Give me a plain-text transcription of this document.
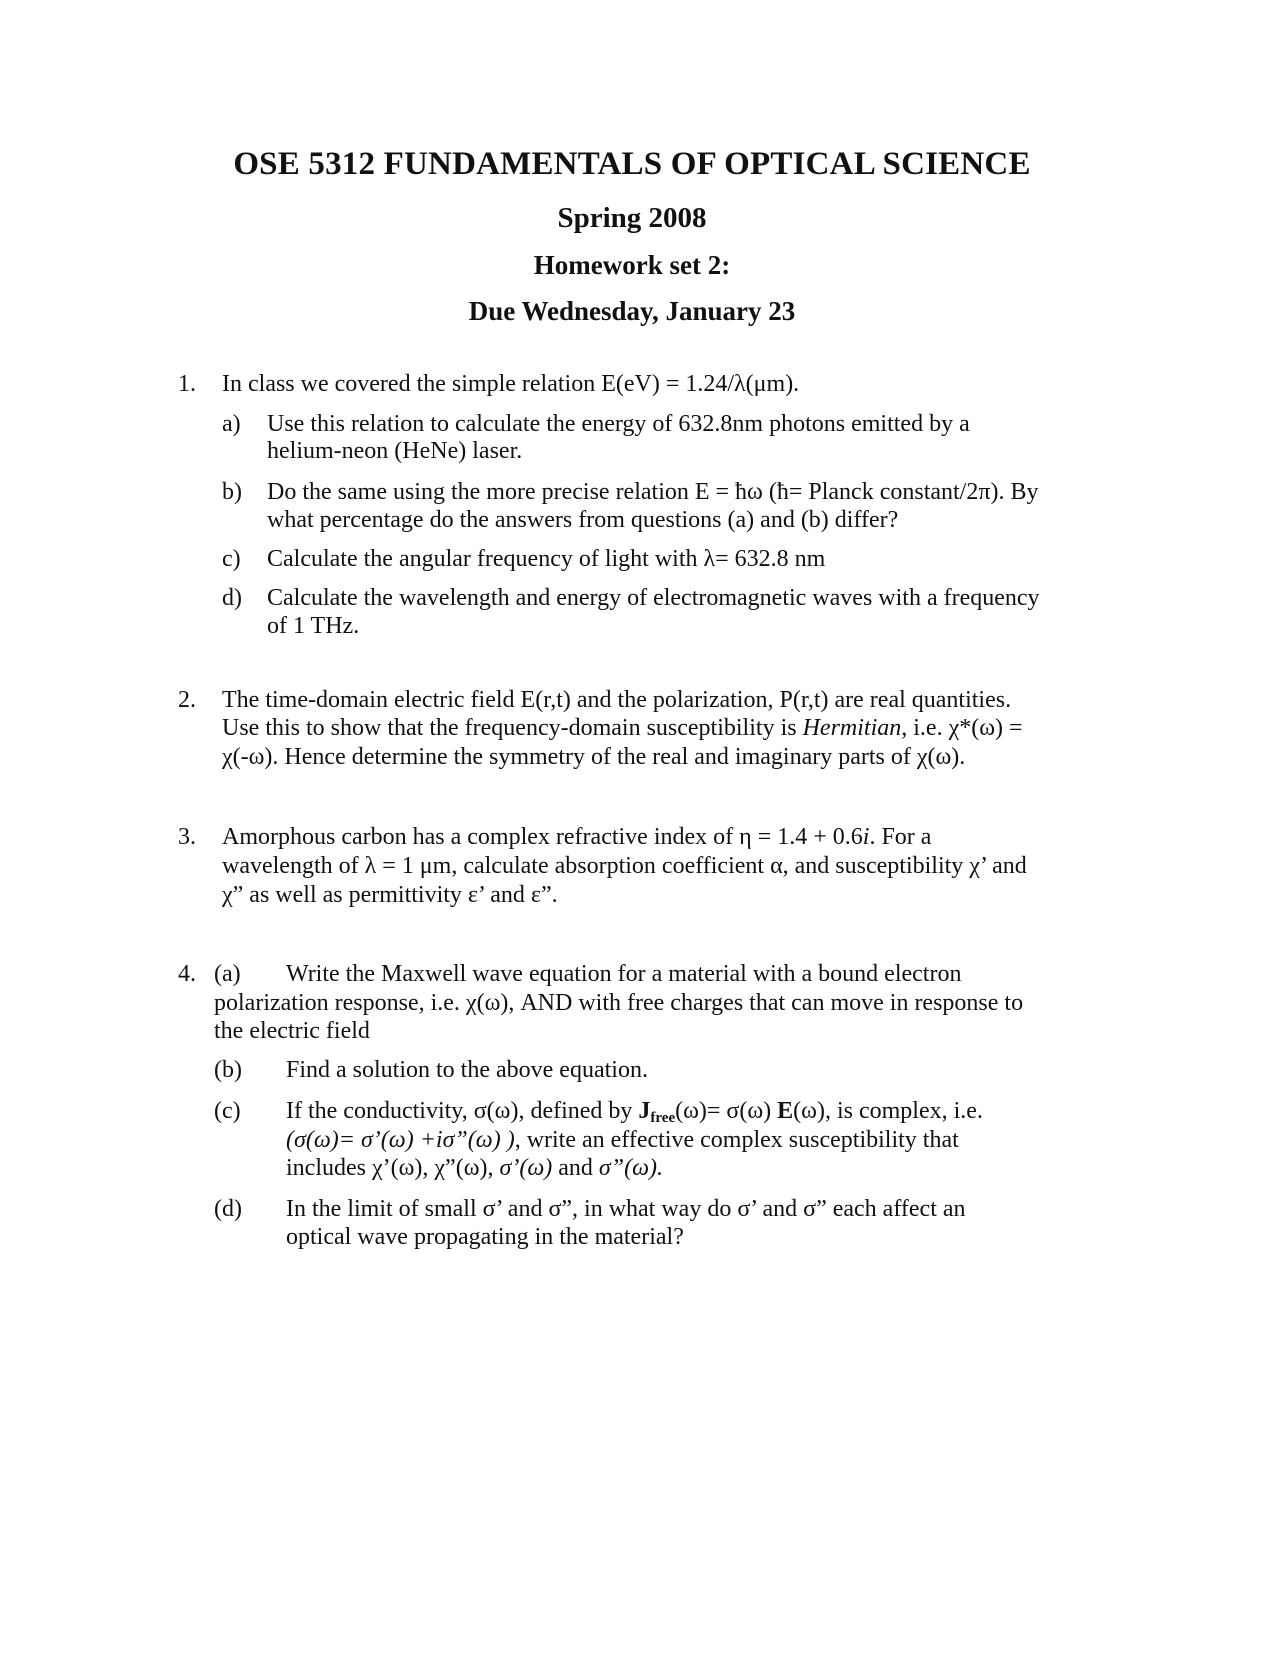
OSE 5312 FUNDAMENTALS OF OPTICAL SCIENCE
Spring 2008
Homework set 2:
Due Wednesday, January 23
1. In class we covered the simple relation E(eV) = 1.24/λ(μm).
a) Use this relation to calculate the energy of 632.8nm photons emitted by a
helium-neon (HeNe) laser.
b) Do the same using the more precise relation E = ħω (ħ= Planck constant/2π). By
what percentage do the answers from questions (a) and (b) differ?
c) Calculate the angular frequency of light with λ= 632.8 nm
d) Calculate the wavelength and energy of electromagnetic waves with a frequency
of 1 THz.
2. The time-domain electric field E(r,t) and the polarization, P(r,t) are real quantities.
Use this to show that the frequency-domain susceptibility is Hermitian, i.e. χ*(ω) =
χ(-ω). Hence determine the symmetry of the real and imaginary parts of χ(ω).
3. Amorphous carbon has a complex refractive index of η = 1.4 + 0.6i. For a
wavelength of λ = 1 μm, calculate absorption coefficient α, and susceptibility χ’ and
χ” as well as permittivity ε’ and ε”.
4. (a) Write the Maxwell wave equation for a material with a bound electron
polarization response, i.e. χ(ω), AND with free charges that can move in response to
the electric field
(b) Find a solution to the above equation.
(c) If the conductivity, σ(ω), defined by $J_{free}(\omega)= \sigma(\omega)$ E(ω), is complex, i.e.
(σ(ω)= σ’(ω) +iσ”(ω) ), write an effective complex susceptibility that
includes χ’(ω), χ”(ω), σ’(ω) and σ”(ω).
(d) In the limit of small σ’ and σ”, in what way do σ’ and σ” each affect an
optical wave propagating in the material?
